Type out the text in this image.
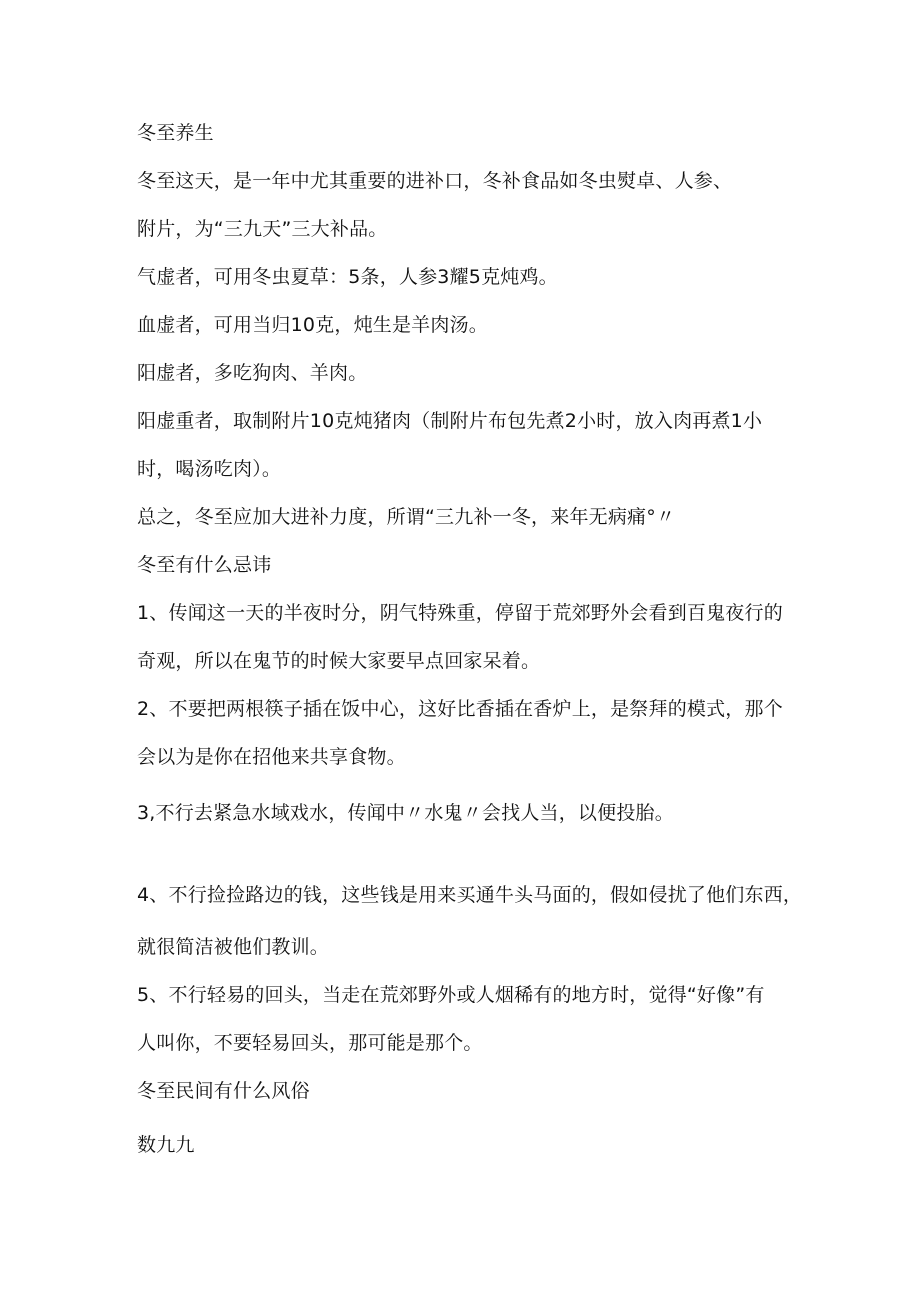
冬至养生

冬至这天，是一年中尤其重要的进补口，冬补食品如冬虫熨卓、人参、

附片，为“三九天”三大补品。

气虚者，可用冬虫夏草：5条，人参3耀5克炖鸡。

血虚者，可用当归10克，炖生是羊肉汤。

阳虚者，多吃狗肉、羊肉。

阳虚重者，取制附片10克炖猪肉（制附片布包先煮2小时，放入肉再煮1小

时，喝汤吃肉）。

总之，冬至应加大进补力度，所谓“三九补一冬，来年无病痛°〃

冬至有什么忌讳

1、传闻这一天的半夜时分，阴气特殊重，停留于荒郊野外会看到百鬼夜行的

奇观，所以在鬼节的时候大家要早点回家呆着。

2、不要把两根筷子插在饭中心，这好比香插在香炉上，是祭拜的模式，那个

会以为是你在招他来共享食物。

3,不行去紧急水域戏水，传闻中〃水鬼〃会找人当，以便投胎。

4、不行捡捡路边的钱，这些钱是用来买通牛头马面的，假如侵扰了他们东西，

就很简洁被他们教训。

5、不行轻易的回头，当走在荒郊野外或人烟稀有的地方时，觉得“好像”有

人叫你，不要轻易回头，那可能是那个。

冬至民间有什么风俗

数九九
